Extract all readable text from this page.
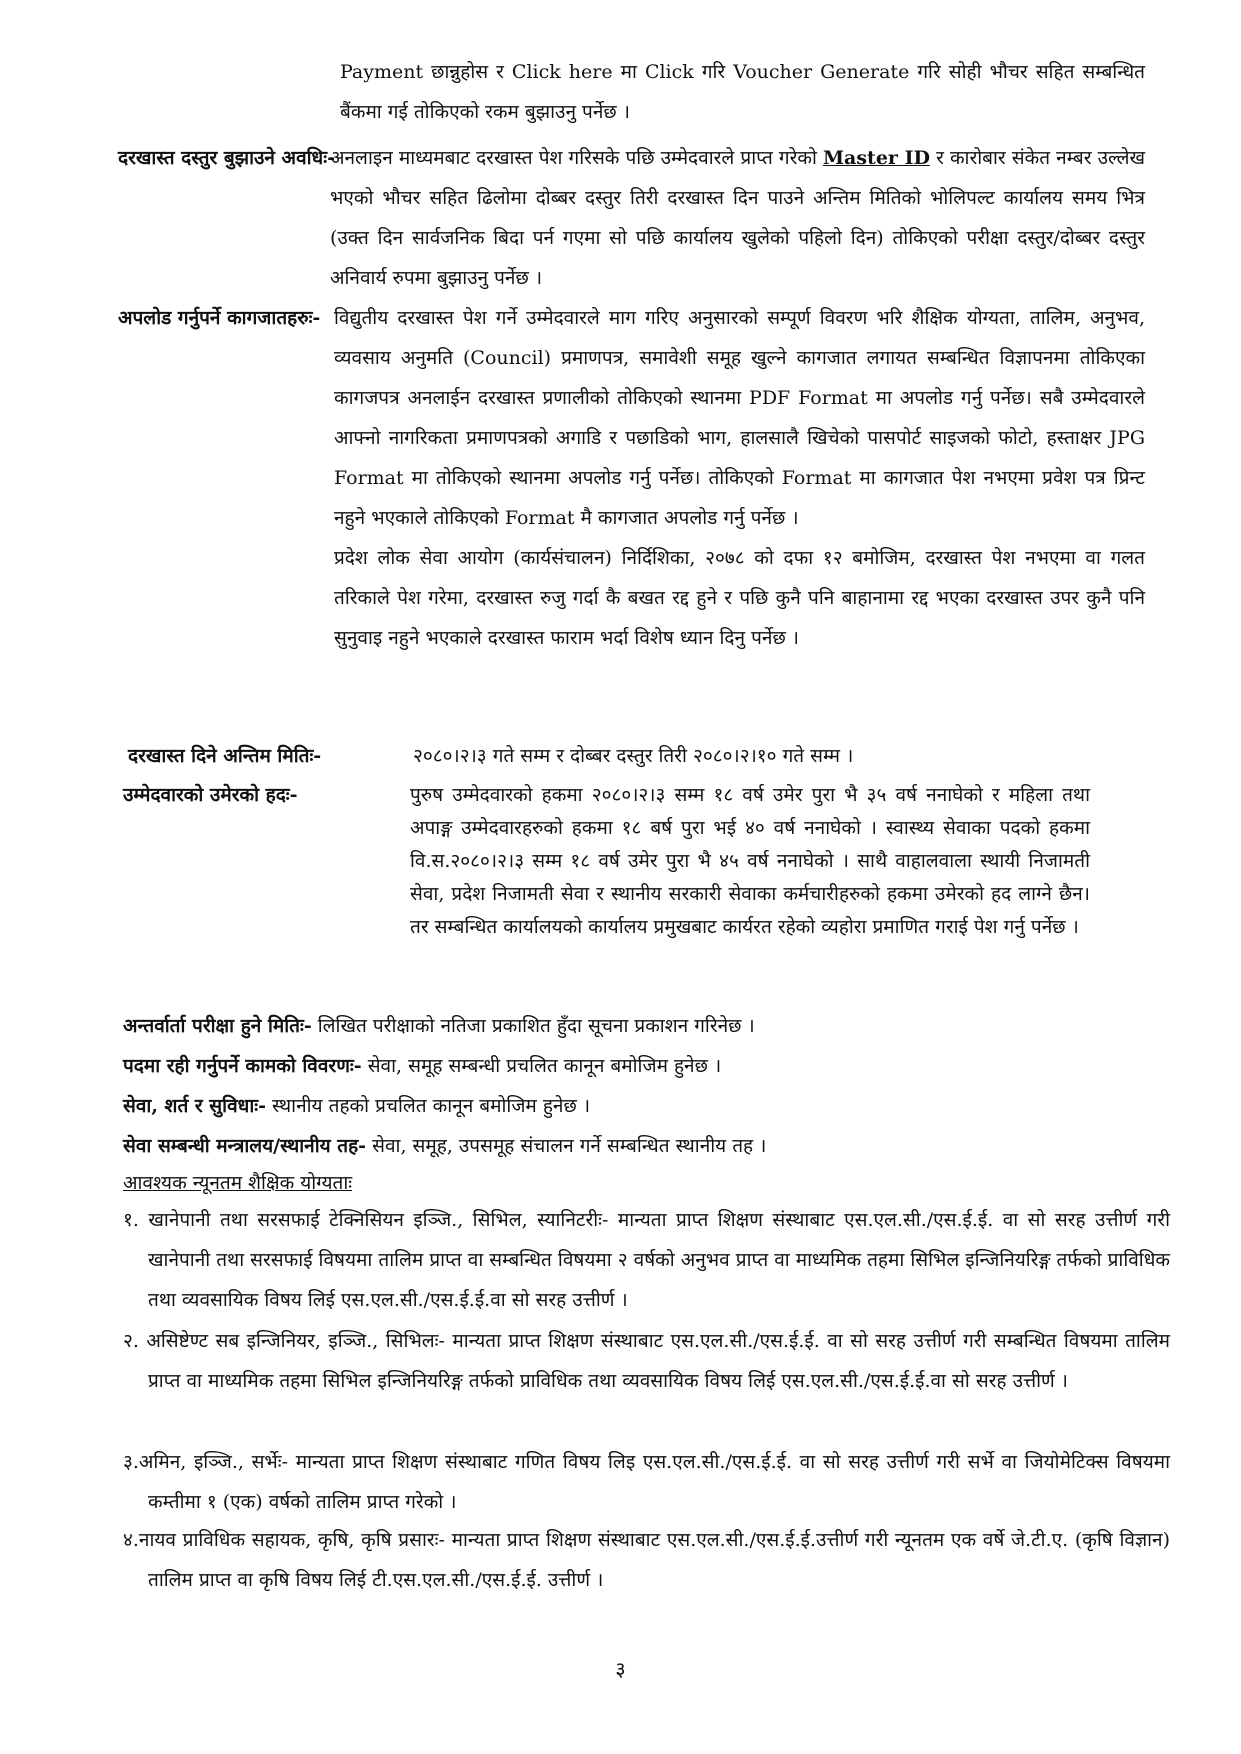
Payment छान्नुहोस र Click here मा Click गरि Voucher Generate गरि सोही भौचर सहित सम्बन्धित बैंकमा गई तोकिएको रकम बुझाउनु पर्नेछ ।

दरखास्त दस्तुर बुझाउने अवधिः-

अनलाइन माध्यमबाट दरखास्त पेश गरिसके पछि उम्मेदवारले प्राप्त गरेको Master ID र कारोबार संकेत नम्बर उल्लेख भएको भौचर सहित ढिलोमा दोब्बर दस्तुर तिरी दरखास्त दिन पाउने अन्तिम मितिको भोलिपल्ट कार्यालय समय भित्र (उक्त दिन सार्वजनिक बिदा पर्न गएमा सो पछि कार्यालय खुलेको पहिलो दिन) तोकिएको परीक्षा दस्तुर/दोब्बर दस्तुर अनिवार्य रुपमा बुझाउनु पर्नेछ ।

अपलोड गर्नुपर्ने कागजातहरुः- विद्युतीय दरखास्त पेश गर्ने उम्मेदवारले माग गरिए अनुसारको सम्पूर्ण विवरण भरि शैक्षिक योग्यता, तालिम, अनुभव, व्यवसाय अनुमति (Council) प्रमाणपत्र, समावेशी समूह खुल्ने कागजात लगायत सम्बन्धित विज्ञापनमा तोकिएका कागजपत्र अनलाईन दरखास्त प्रणालीको तोकिएको स्थानमा PDF Format मा अपलोड गर्नु पर्नेछ। सबै उम्मेदवारले आफ्नो नागरिकता प्रमाणपत्रको अगाडि र पछाडिको भाग, हालसालै खिचेको पासपोर्ट साइजको फोटो, हस्ताक्षर JPG Format मा तोकिएको स्थानमा अपलोड गर्नु पर्नेछ। तोकिएको Format मा कागजात पेश नभएमा प्रवेश पत्र प्रिन्ट नहुने भएकाले तोकिएको Format मै कागजात अपलोड गर्नु पर्नेछ ।

प्रदेश लोक सेवा आयोग (कार्यसंचालन) निर्दिशिका, २०७८ को दफा १२ बमोजिम, दरखास्त पेश नभएमा वा गलत तरिकाले पेश गरेमा, दरखास्त रुजु गर्दा कै बखत रद्द हुने र पछि कुनै पनि बाहानामा रद्द भएका दरखास्त उपर कुनै पनि सुनुवाइ नहुने भएकाले दरखास्त फाराम भर्दा विशेष ध्यान दिनु पर्नेछ ।

दरखास्त दिने अन्तिम मितिः-	२०८०।२।३ गते सम्म र दोब्बर दस्तुर तिरी २०८०।२।१० गते सम्म ।
उम्मेदवारको उमेरको हदः-	पुरुष उम्मेदवारको हकमा २०८०।२।३ सम्म १८ वर्ष उमेर पुरा भै ३५ वर्ष ननाघेको र महिला तथा अपाङ्ग उम्मेदवारहरुको हकमा १८ बर्ष पुरा भई ४० वर्ष ननाघेको । स्वास्थ्य सेवाका पदको हकमा वि.स.२०८०।२।३ सम्म १८ वर्ष उमेर पुरा भै ४५ वर्ष ननाघेको । साथै वाहालवाला स्थायी निजामती सेवा, प्रदेश निजामती सेवा र स्थानीय सरकारी सेवाका कर्मचारीहरुको हकमा उमेरको हद लाग्ने छैन। तर सम्बन्धित कार्यालयको कार्यालय प्रमुखबाट कार्यरत रहेको व्यहोरा प्रमाणित गराई पेश गर्नु पर्नेछ ।

अन्तर्वार्ता परीक्षा हुने मितिः- लिखित परीक्षाको नतिजा प्रकाशित हुँदा सूचना प्रकाशन गरिनेछ ।
पदमा रही गर्नुपर्ने कामको विवरणः- सेवा, समूह सम्बन्धी प्रचलित कानून बमोजिम हुनेछ ।
सेवा, शर्त र सुविधाः- स्थानीय तहको प्रचलित कानून बमोजिम हुनेछ ।
सेवा सम्बन्धी मन्त्रालय/स्थानीय तह- सेवा, समूह, उपसमूह संचालन गर्ने सम्बन्धित स्थानीय तह ।
आवश्यक न्यूनतम शैक्षिक योग्यताः
१. खानेपानी तथा सरसफाई टेक्निसियन इञ्जि., सिभिल, स्यानिटरीः- मान्यता प्राप्त शिक्षण संस्थाबाट एस.एल.सी./एस.ई.ई. वा सो सरह उत्तीर्ण गरी खानेपानी तथा सरसफाई विषयमा तालिम प्राप्त वा सम्बन्धित विषयमा २ वर्षको अनुभव प्राप्त वा माध्यमिक तहमा सिभिल इन्जिनियरिङ्ग तर्फको प्राविधिक तथा व्यवसायिक विषय लिई एस.एल.सी./एस.ई.ई.वा सो सरह उत्तीर्ण ।
२. असिष्टेण्ट सब इन्जिनियर, इञ्जि., सिभिलः- मान्यता प्राप्त शिक्षण संस्थाबाट एस.एल.सी./एस.ई.ई. वा सो सरह उत्तीर्ण गरी सम्बन्धित विषयमा तालिम प्राप्त वा माध्यमिक तहमा सिभिल इन्जिनियरिङ्ग तर्फको प्राविधिक तथा व्यवसायिक विषय लिई एस.एल.सी./एस.ई.ई.वा सो सरह उत्तीर्ण ।
३.अमिन, इञ्जि., सर्भेः- मान्यता प्राप्त शिक्षण संस्थाबाट गणित विषय लिइ एस.एल.सी./एस.ई.ई. वा सो सरह उत्तीर्ण गरी सर्भे वा जियोमेटिक्स विषयमा कम्तीमा १ (एक) वर्षको तालिम प्राप्त गरेको ।
४.नायव प्राविधिक सहायक, कृषि, कृषि प्रसारः- मान्यता प्राप्त शिक्षण संस्थाबाट एस.एल.सी./एस.ई.ई.उत्तीर्ण गरी न्यूनतम एक वर्षे जे.टी.ए. (कृषि विज्ञान) तालिम प्राप्त वा कृषि विषय लिई टी.एस.एल.सी./एस.ई.ई. उत्तीर्ण ।
३
